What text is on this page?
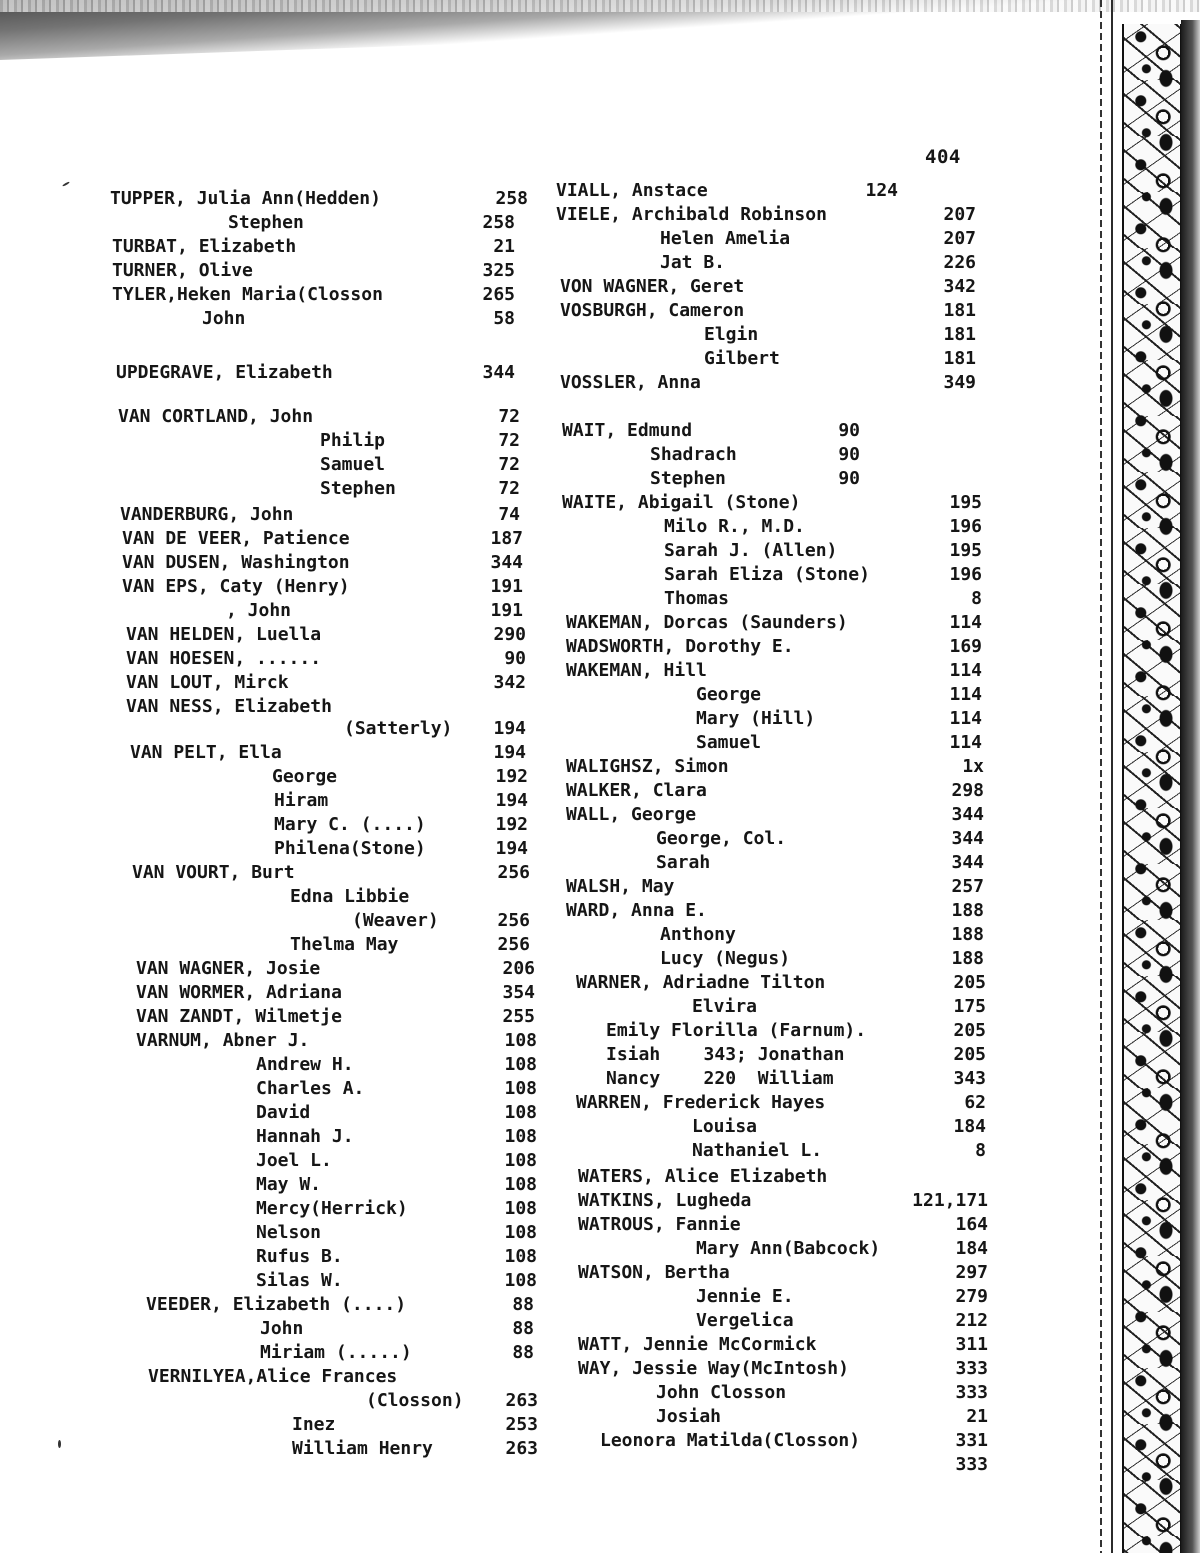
404
TUPPER, Julia Ann(Hedden)	258
Stephen	258
TURBAT, Elizabeth	21
TURNER, Olive	325
TYLER,Heken Maria(Closson	265
John	58
UPDEGRAVE, Elizabeth	344
VAN CORTLAND, John	72
Philip	72
Samuel	72
Stephen	72
VANDERBURG, John	74
VAN DE VEER, Patience	187
VAN DUSEN, Washington	344
VAN EPS, Caty (Henry)	191
, John	191
VAN HELDEN, Luella	290
VAN HOESEN, ......	90
VAN LOUT, Mirck	342
VAN NESS, Elizabeth
(Satterly)	194
VAN PELT, Ella	194
George	192
Hiram	194
Mary C. (....)	192
Philena(Stone)	194
VAN VOURT, Burt	256
Edna Libbie
(Weaver)	256
Thelma May	256
VAN WAGNER, Josie	206
VAN WORMER, Adriana	354
VAN ZANDT, Wilmetje	255
VARNUM, Abner J.	108
Andrew H.	108
Charles A.	108
David	108
Hannah J.	108
Joel L.	108
May W.	108
Mercy(Herrick)	108
Nelson	108
Rufus B.	108
Silas W.	108
VEEDER, Elizabeth (....)	88
John	88
Miriam (.....)	88
VERNILYEA,Alice Frances
(Closson)	263
Inez	253
William Henry	263
VIALL, Anstace	124
VIELE, Archibald Robinson	207
Helen Amelia	207
Jat B.	226
VON WAGNER, Geret	342
VOSBURGH, Cameron	181
Elgin	181
Gilbert	181
VOSSLER, Anna	349
WAIT, Edmund	90
Shadrach	90
Stephen	90
WAITE, Abigail (Stone)	195
Milo R., M.D.	196
Sarah J. (Allen)	195
Sarah Eliza (Stone)	196
Thomas	8
WAKEMAN, Dorcas (Saunders)	114
WADSWORTH, Dorothy E.	169
WAKEMAN, Hill	114
George	114
Mary (Hill)	114
Samuel	114
WALIGHSZ, Simon	1x
WALKER, Clara	298
WALL, George	344
George, Col.	344
Sarah	344
WALSH, May	257
WARD, Anna E.	188
Anthony	188
Lucy (Negus)	188
WARNER, Adriadne Tilton	205
Elvira	175
Emily Florilla (Farnum).	205
Isiah    343; Jonathan	205
Nancy    220  William	343
WARREN, Frederick Hayes	62
Louisa	184
Nathaniel L.	8
WATERS, Alice Elizabeth
WATKINS, Lugheda	121,171
WATROUS, Fannie	164
Mary Ann(Babcock)	184
WATSON, Bertha	297
Jennie E.	279
Vergelica	212
WATT, Jennie McCormick	311
WAY, Jessie Way(McIntosh)	333
John Closson	333
Josiah	21
Leonora Matilda(Closson)	331
333
